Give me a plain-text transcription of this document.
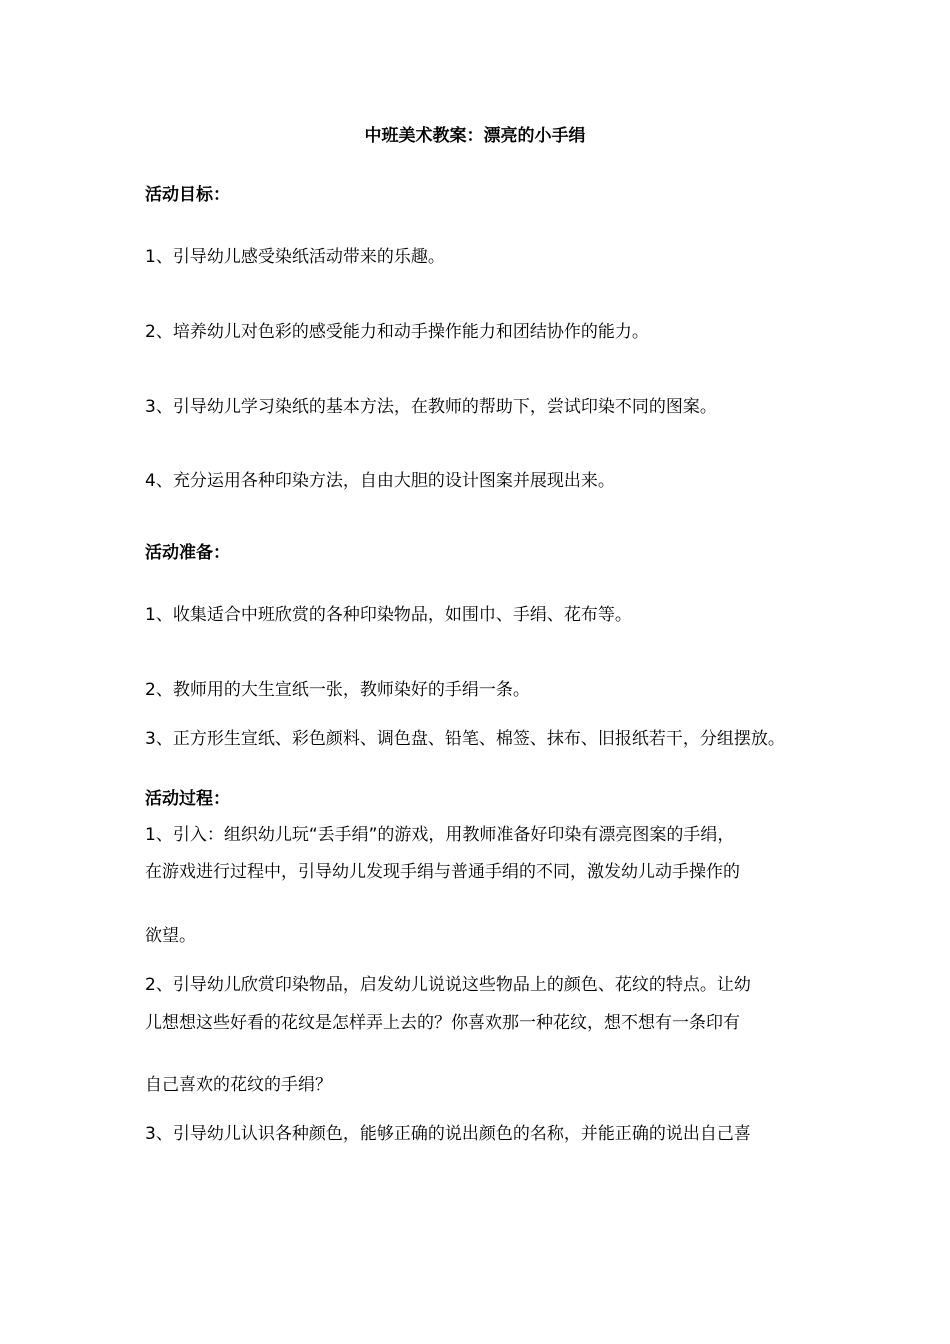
中班美术教案：漂亮的小手绢
活动目标：
1、引导幼儿感受染纸活动带来的乐趣。
2、培养幼儿对色彩的感受能力和动手操作能力和团结协作的能力。
3、引导幼儿学习染纸的基本方法，在教师的帮助下，尝试印染不同的图案。
4、充分运用各种印染方法，自由大胆的设计图案并展现出来。
活动准备：
1、收集适合中班欣赏的各种印染物品，如围巾、手绢、花布等。
2、教师用的大生宣纸一张，教师染好的手绢一条。
3、正方形生宣纸、彩色颜料、调色盘、铅笔、棉签、抹布、旧报纸若干，分组摆放。
活动过程：
1、引入：组织幼儿玩“丢手绢”的游戏，用教师准备好印染有漂亮图案的手绢，
在游戏进行过程中，引导幼儿发现手绢与普通手绢的不同，激发幼儿动手操作的
欲望。
2、引导幼儿欣赏印染物品，启发幼儿说说这些物品上的颜色、花纹的特点。让幼
儿想想这些好看的花纹是怎样弄上去的？你喜欢那一种花纹，想不想有一条印有
自己喜欢的花纹的手绢？
3、引导幼儿认识各种颜色，能够正确的说出颜色的名称，并能正确的说出自己喜
